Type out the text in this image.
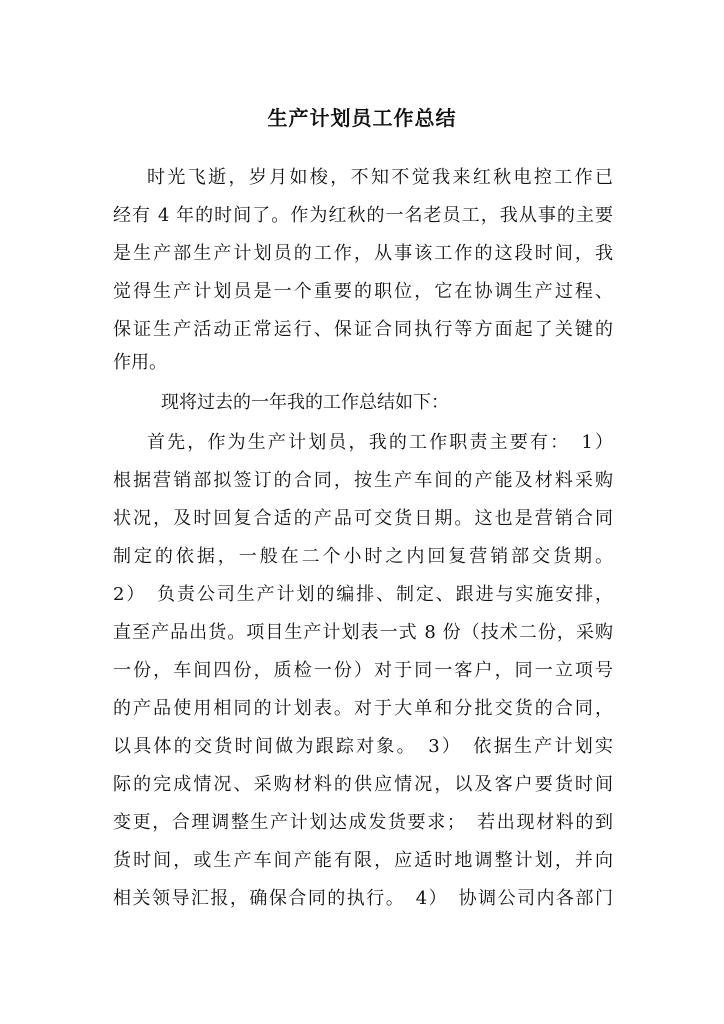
生产计划员工作总结
时光飞逝，岁月如梭，不知不觉我来红秋电控工作已
经有 4 年的时间了。作为红秋的一名老员工，我从事的主要
是生产部生产计划员的工作，从事该工作的这段时间，我
觉得生产计划员是一个重要的职位，它在协调生产过程、
保证生产活动正常运行、保证合同执行等方面起了关键的
作用。
现将过去的一年我的工作总结如下：
首先，作为生产计划员，我的工作职责主要有：　1）
根据营销部拟签订的合同，按生产车间的产能及材料采购
状况，及时回复合适的产品可交货日期。这也是营销合同
制定的依据，一般在二个小时之内回复营销部交货期。
2）　负责公司生产计划的编排、制定、跟进与实施安排，
直至产品出货。项目生产计划表一式 8 份（技术二份，采购
一份，车间四份，质检一份）对于同一客户，同一立项号
的产品使用相同的计划表。对于大单和分批交货的合同，
以具体的交货时间做为跟踪对象。　3）　依据生产计划实
际的完成情况、采购材料的供应情况，以及客户要货时间
变更，合理调整生产计划达成发货要求；　若出现材料的到
货时间，或生产车间产能有限，应适时地调整计划，并向
相关领导汇报，确保合同的执行。　4）　协调公司内各部门
